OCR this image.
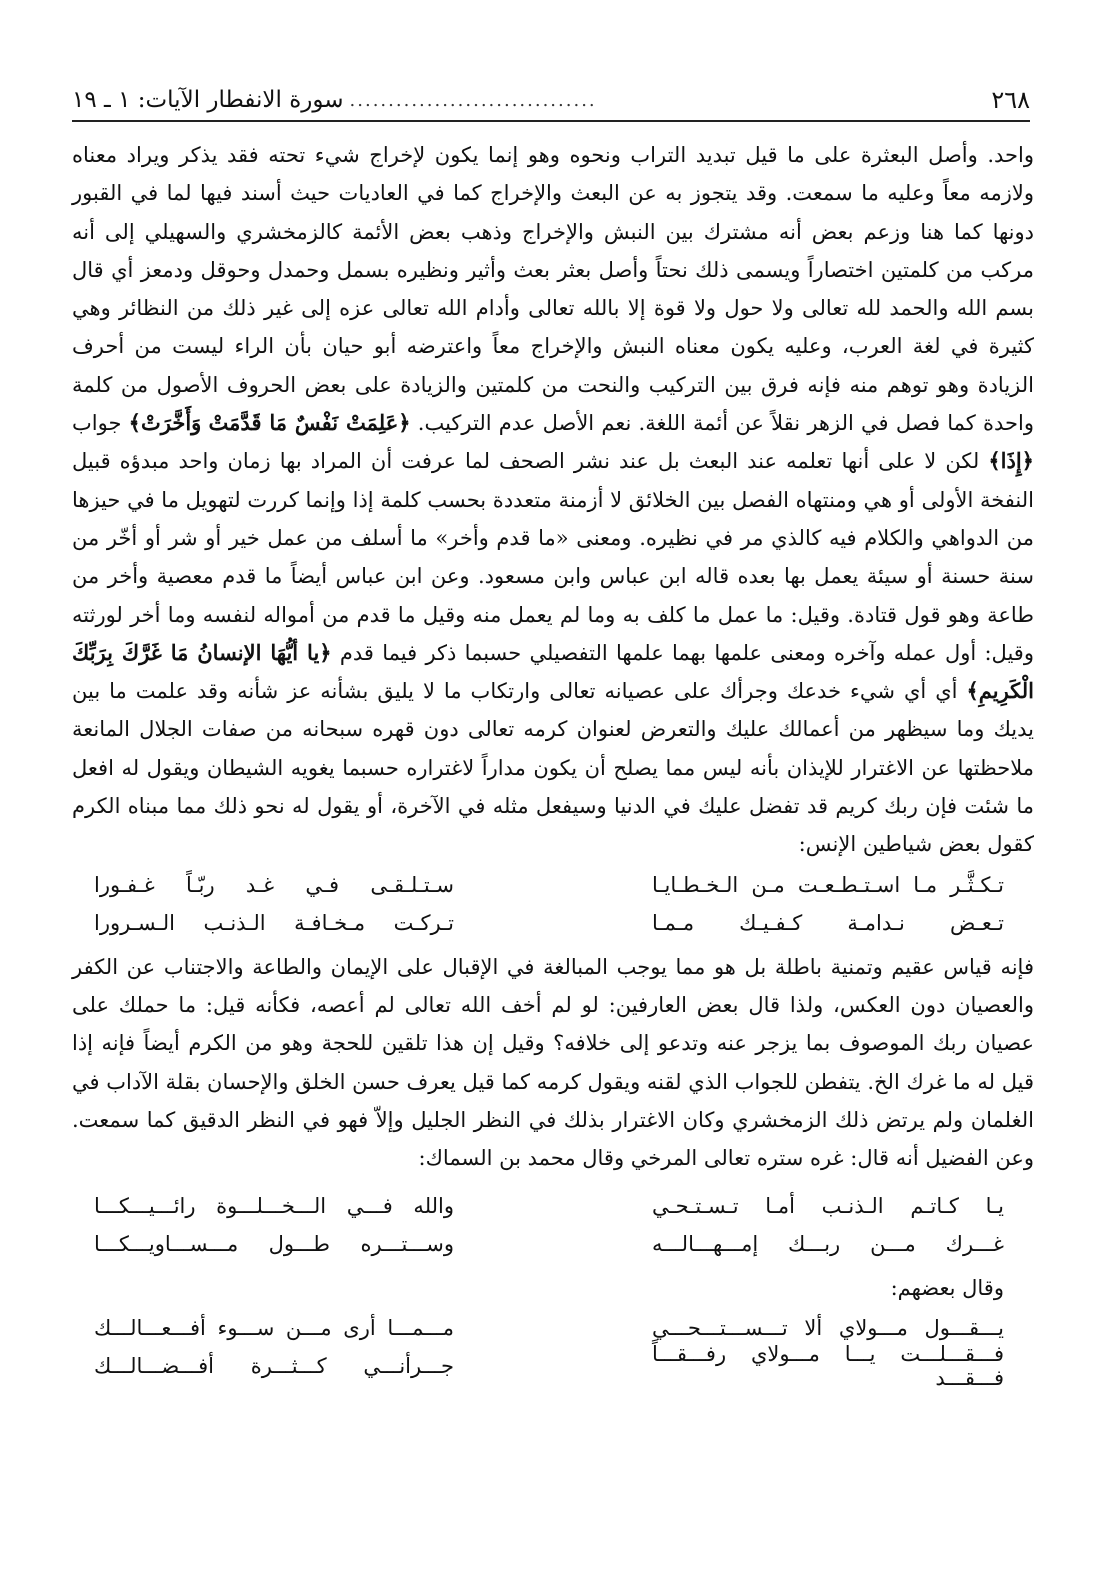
٢٦٨
................................
سورة الانفطار الآيات: ١ ـ ١٩

واحد. وأصل البعثرة على ما قيل تبديد التراب ونحوه وهو إنما يكون لإخراج شيء تحته فقد يذكر ويراد معناه ولازمه معاً وعليه ما سمعت. وقد يتجوز به عن البعث والإخراج كما في العاديات حيث أسند فيها لما في القبور دونها كما هنا وزعم بعض أنه مشترك بين النبش والإخراج وذهب بعض الأئمة كالزمخشري والسهيلي إلى أنه مركب من كلمتين اختصاراً ويسمى ذلك نحتاً وأصل بعثر بعث وأثير ونظيره بسمل وحمدل وحوقل ودمعز أي قال بسم الله والحمد لله تعالى ولا حول ولا قوة إلا بالله تعالى وأدام الله تعالى عزه إلى غير ذلك من النظائر وهي كثيرة في لغة العرب، وعليه يكون معناه النبش والإخراج معاً واعترضه أبو حيان بأن الراء ليست من أحرف الزيادة وهو توهم منه فإنه فرق بين التركيب والنحت من كلمتين والزيادة على بعض الحروف الأصول من كلمة واحدة كما فصل في الزهر نقلاً عن أئمة اللغة. نعم الأصل عدم التركيب. ﴿عَلِمَتْ نَفْسٌ مَا قَدَّمَتْ وَأَخَّرَتْ﴾ جواب ﴿إِذَا﴾ لكن لا على أنها تعلمه عند البعث بل عند نشر الصحف لما عرفت أن المراد بها زمان واحد مبدؤه قبيل النفخة الأولى أو هي ومنتهاه الفصل بين الخلائق لا أزمنة متعددة بحسب كلمة إذا وإنما كررت لتهويل ما في حيزها من الدواهي والكلام فيه كالذي مر في نظيره. ومعنى «ما قدم وأخر» ما أسلف من عمل خير أو شر أو أخّر من سنة حسنة أو سيئة يعمل بها بعده قاله ابن عباس وابن مسعود. وعن ابن عباس أيضاً ما قدم معصية وأخر من طاعة وهو قول قتادة. وقيل: ما عمل ما كلف به وما لم يعمل منه وقيل ما قدم من أمواله لنفسه وما أخر لورثته وقيل: أول عمله وآخره ومعنى علمها بهما علمها التفصيلي حسبما ذكر فيما قدم ﴿يا أيُّهَا الإنسانُ مَا غَرَّكَ بِرَبِّكَ الْكَرِيمِ﴾ أي أي شيء خدعك وجرأك على عصيانه تعالى وارتكاب ما لا يليق بشأنه عز شأنه وقد علمت ما بين يديك وما سيظهر من أعمالك عليك والتعرض لعنوان كرمه تعالى دون قهره سبحانه من صفات الجلال المانعة ملاحظتها عن الاغترار للإيذان بأنه ليس مما يصلح أن يكون مداراً لاغتراره حسبما يغويه الشيطان ويقول له افعل ما شئت فإن ربك كريم قد تفضل عليك في الدنيا وسيفعل مثله في الآخرة، أو يقول له نحو ذلك مما مبناه الكرم كقول بعض شياطين الإنس:

تـكـثَّـر مـا اسـتـطـعـت مـن الـخـطـايـا
سـتـلـقـى فـي غـد ربّـاً غـفـورا
تـعـض نـدامـة كـفـيـك مـمـا
تـركـت مـخـافـة الـذنـب الـسـرورا

فإنه قياس عقيم وتمنية باطلة بل هو مما يوجب المبالغة في الإقبال على الإيمان والطاعة والاجتناب عن الكفر والعصيان دون العكس، ولذا قال بعض العارفين: لو لم أخف الله تعالى لم أعصه، فكأنه قيل: ما حملك على عصيان ربك الموصوف بما يزجر عنه وتدعو إلى خلافه؟ وقيل إن هذا تلقين للحجة وهو من الكرم أيضاً فإنه إذا قيل له ما غرك الخ. يتفطن للجواب الذي لقنه ويقول كرمه كما قيل يعرف حسن الخلق والإحسان بقلة الآداب في الغلمان ولم يرتض ذلك الزمخشري وكان الاغترار بذلك في النظر الجليل وإلاّ فهو في النظر الدقيق كما سمعت. وعن الفضيل أنه قال: غره ستره تعالى المرخي وقال محمد بن السماك:

يـا كـاتـم الـذنـب أمـا تـسـتـحـي
والله فـــي الـــخـــلـــوة رائـــيـــكـــا
غـــرك مـــن ربـــك إمـــهـــالـــه
وســـتـــره طـــول مـــســـاويـــكـــا
وقال بعضهم:
يـــقـــول مـــولاي ألا تـــســـتـــحـــي
مـــمـــا أرى مـــن ســـوء أفـــعـــالـــك
فـــقـــلـــت يـــا مـــولاي رفـــقـــاً فـــقـــد
جـــرأنـــي كـــثـــرة أفـــضـــالـــك
